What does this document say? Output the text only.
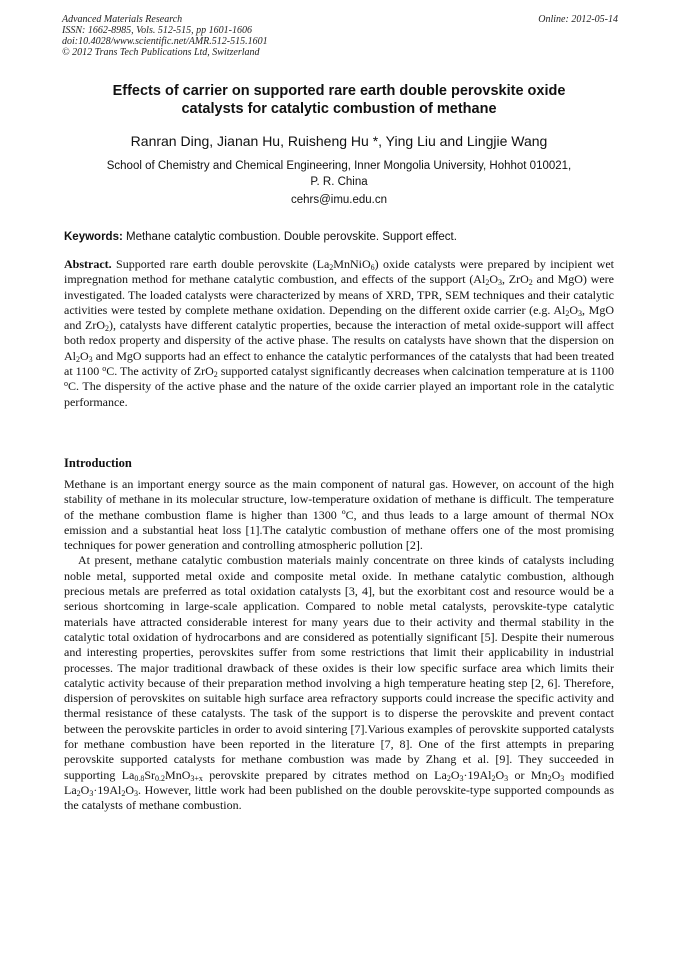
Advanced Materials Research
ISSN: 1662-8985, Vols. 512-515, pp 1601-1606
doi:10.4028/www.scientific.net/AMR.512-515.1601
© 2012 Trans Tech Publications Ltd, Switzerland
Online: 2012-05-14
Effects of carrier on supported rare earth double perovskite oxide
catalysts for catalytic combustion of methane
Ranran Ding, Jianan Hu, Ruisheng Hu *, Ying Liu and Lingjie Wang
School of Chemistry and Chemical Engineering, Inner Mongolia University, Hohhot 010021,
P. R. China
cehrs@imu.edu.cn
Keywords: Methane catalytic combustion. Double perovskite. Support effect.
Abstract. Supported rare earth double perovskite $(La_2MnNiO_6)$ oxide catalysts were prepared by incipient wet impregnation method for methane catalytic combustion, and effects of the support ($Al_2O_3$, ZrO$_2$ and MgO) were investigated. The loaded catalysts were characterized by means of XRD, TPR, SEM techniques and their catalytic activities were tested by complete methane oxidation. Depending on the different oxide carrier (e.g. $Al_2O_3$, MgO and ZrO$_2$), catalysts have different catalytic properties, because the interaction of metal oxide-support will affect both redox property and dispersity of the active phase. The results on catalysts have shown that the dispersion on $Al_2O_3$ and MgO supports had an effect to enhance the catalytic performances of the catalysts that had been treated at 1100 $^o$C. The activity of ZrO$_2$ supported catalyst significantly decreases when calcination temperature at is 1100 $^o$C. The dispersity of the active phase and the nature of the oxide carrier played an important role in the catalytic performance.
Introduction

Methane is an important energy source as the main component of natural gas. However, on account of the high stability of methane in its molecular structure, low-temperature oxidation of methane is difficult. The temperature of the methane combustion flame is higher than 1300 ºC, and thus leads to a large amount of thermal NOx emission and a substantial heat loss [1].The catalytic combustion of methane offers one of the most promising techniques for power generation and controlling atmospheric pollution [2].

At present, methane catalytic combustion materials mainly concentrate on three kinds of catalysts including noble metal, supported metal oxide and composite metal oxide. In methane catalytic combustion, although precious metals are preferred as total oxidation catalysts [3, 4], but the exorbitant cost and resource would be a serious shortcoming in large-scale application. Compared to noble metal catalysts, perovskite-type catalytic materials have attracted considerable interest for many years due to their activity and thermal stability in the catalytic total oxidation of hydrocarbons and are considered as potentially significant [5]. Despite their numerous and interesting properties, perovskites suffer from some restrictions that limit their applicability in industrial processes. The major traditional drawback of these oxides is their low specific surface area which limits their catalytic activity because of their preparation method involving a high temperature heating step [2, 6]. Therefore, dispersion of perovskites on suitable high surface area refractory supports could increase the specific activity and thermal resistance of these catalysts. The task of the support is to disperse the perovskite and prevent contact between the perovskite particles in order to avoid sintering [7].Various examples of perovskite supported catalysts for methane combustion have been reported in the literature [7, 8]. One of the first attempts in preparing perovskite supported catalysts for methane combustion was made by Zhang et al. [9]. They succeeded in supporting $La_{0.8}Sr_{0.2}MnO_{3+x}$ perovskite prepared by citrates method on $La_2O_3\cdot 19Al_2O_3$ or $Mn_2O_3$ modified $La_2O_3\cdot 19Al_2O_3$. However, little work had been published on the double perovskite-type supported compounds as the catalysts of methane combustion.
